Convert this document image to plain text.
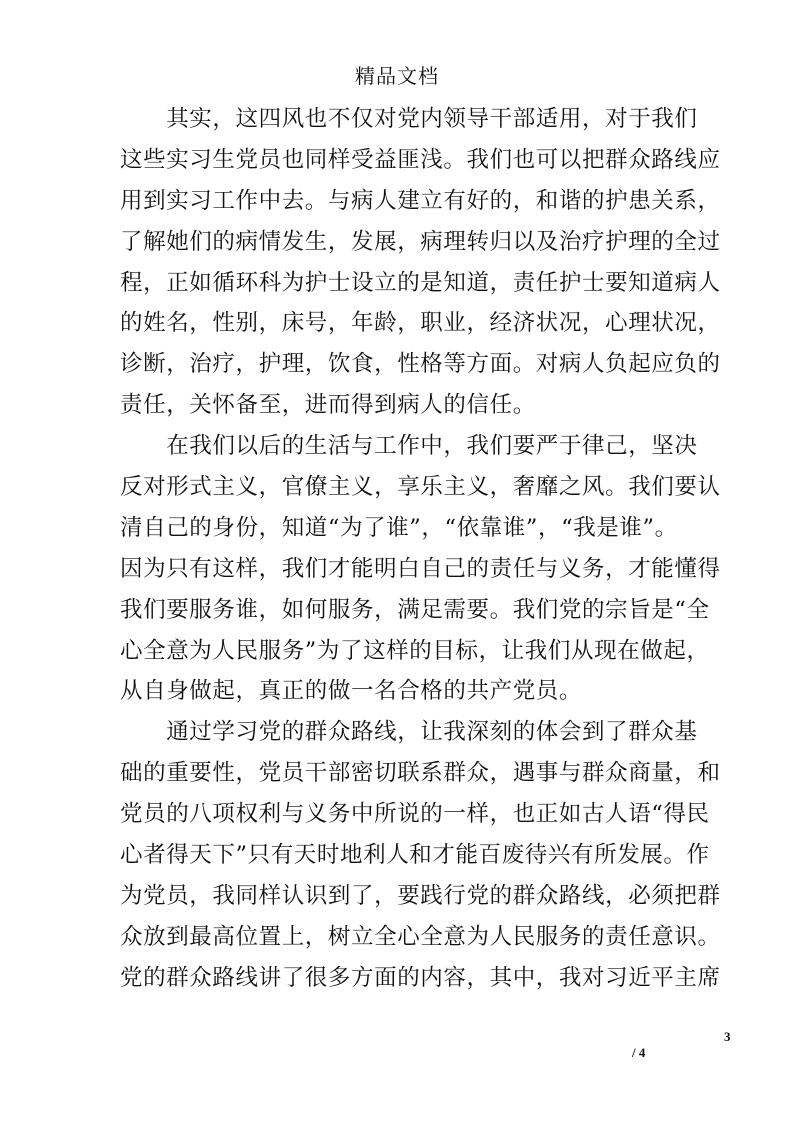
精品文档
　　其实，这四风也不仅对党内领导干部适用，对于我们
这些实习生党员也同样受益匪浅。我们也可以把群众路线应
用到实习工作中去。与病人建立有好的，和谐的护患关系，
了解她们的病情发生，发展，病理转归以及治疗护理的全过
程，正如循环科为护士设立的是知道，责任护士要知道病人
的姓名，性别，床号，年龄，职业，经济状况，心理状况，
诊断，治疗，护理，饮食，性格等方面。对病人负起应负的
责任，关怀备至，进而得到病人的信任。
　　在我们以后的生活与工作中，我们要严于律己，坚决
反对形式主义，官僚主义，享乐主义，奢靡之风。我们要认
清自己的身份，知道“为了谁”，“依靠谁”，“我是谁”。
因为只有这样，我们才能明白自己的责任与义务，才能懂得
我们要服务谁，如何服务，满足需要。我们党的宗旨是“全
心全意为人民服务”为了这样的目标，让我们从现在做起，
从自身做起，真正的做一名合格的共产党员。
　　通过学习党的群众路线，让我深刻的体会到了群众基
础的重要性，党员干部密切联系群众，遇事与群众商量，和
党员的八项权利与义务中所说的一样，也正如古人语“得民
心者得天下”只有天时地利人和才能百废待兴有所发展。作
为党员，我同样认识到了，要践行党的群众路线，必须把群
众放到最高位置上，树立全心全意为人民服务的责任意识。
党的群众路线讲了很多方面的内容，其中，我对习近平主席
3
/ 4
